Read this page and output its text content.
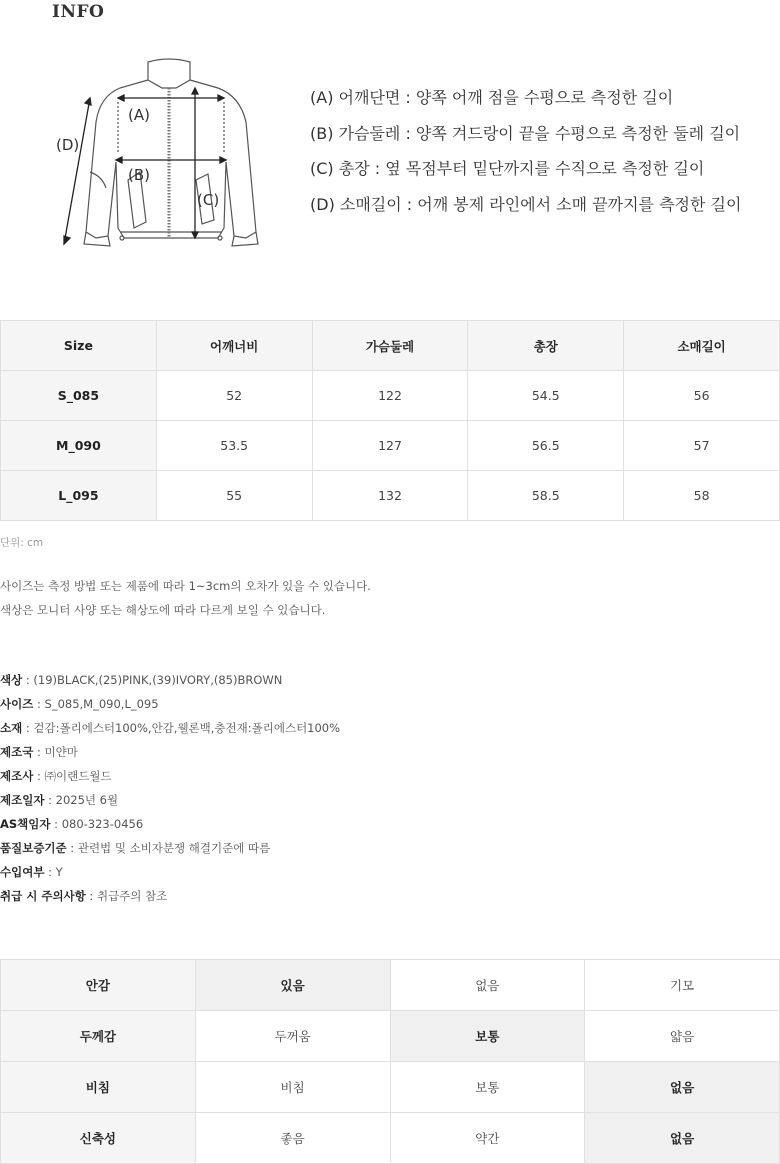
INFO
(A)
(B)
(C)
(D)
(A) 어깨단면 : 양쪽 어깨 점을 수평으로 측정한 길이
(B) 가슴둘레 : 양쪽 겨드랑이 끝을 수평으로 측정한 둘레 길이
(C) 총장 : 옆 목점부터 밑단까지를 수직으로 측정한 길이
(D) 소매길이 : 어깨 봉제 라인에서 소매 끝까지를 측정한 길이
Size	어깨너비	가슴둘레	총장	소매길이
S_085	52	122	54.5	56
M_090	53.5	127	56.5	57
L_095	55	132	58.5	58
단위: cm
사이즈는 측정 방법 또는 제품에 따라 1~3cm의 오차가 있을 수 있습니다.
색상은 모니터 사양 또는 해상도에 따라 다르게 보일 수 있습니다.
색상 : (19)BLACK,(25)PINK,(39)IVORY,(85)BROWN
사이즈 : S_085,M_090,L_095
소재 : 겉감:폴리에스터100%,안감,웰론백,충전재:폴리에스터100%
제조국 : 미얀마
제조사 : ㈜이랜드월드
제조일자 : 2025년 6월
AS책임자 : 080-323-0456
품질보증기준 : 관련법 및 소비자분쟁 해결기준에 따름
수입여부 : Y
취급 시 주의사항 : 취급주의 참조
안감	있음	없음	기모
두께감	두꺼움	보통	얇음
비침	비침	보통	없음
신축성	좋음	약간	없음
